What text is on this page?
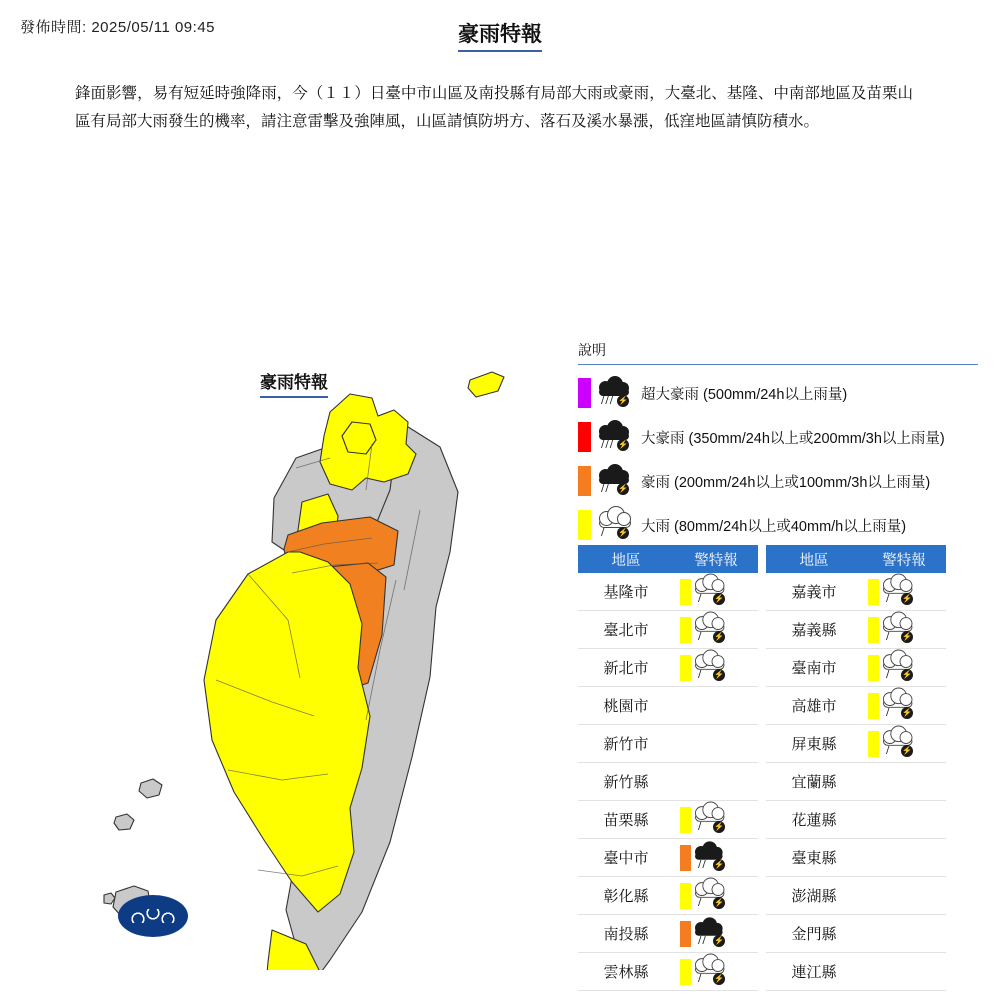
發佈時間: 2025/05/11 09:45	豪雨特報
鋒面影響，易有短延時強降雨，今（１１）日臺中市山區及南投縣有局部大雨或豪雨，大臺北、基隆、中南部地區及苗栗山區有局部大雨發生的機率，請注意雷擊及強陣風，山區請慎防坍方、落石及溪水暴漲，低窪地區請慎防積水。
豪雨特報
說明
///
⚡ 超大豪雨 (500mm/24h以上雨量)
///
⚡ 大豪雨 (350mm/24h以上或200mm/3h以上雨量)
//
⚡ 豪雨 (200mm/24h以上或100mm/3h以上雨量)
/
⚡ 大雨 (80mm/24h以上或40mm/h以上雨量)
地區	警特報
基隆市 /	⚡
臺北市 /	⚡
新北市 /	⚡
桃園市
新竹市
新竹縣
苗栗縣 /	⚡
臺中市 //	⚡
彰化縣 /	⚡
南投縣 //	⚡
雲林縣 /	⚡
地區	警特報
嘉義市 /	⚡
嘉義縣 /	⚡
臺南市 /	⚡
高雄市 /	⚡
屏東縣 /	⚡
宜蘭縣
花蓮縣
臺東縣
澎湖縣
金門縣
連江縣
